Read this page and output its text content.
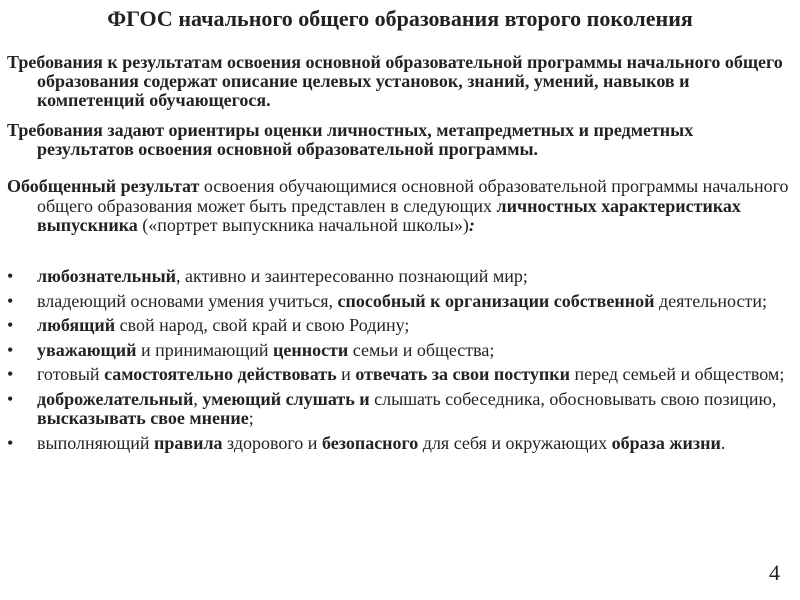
ФГОС начального общего образования второго поколения

Требования к результатам освоения основной образовательной программы начального общего образования содержат описание целевых установок, знаний, умений, навыков и компетенций обучающегося.

Требования задают ориентиры оценки личностных, метапредметных и предметных результатов освоения основной образовательной программы.

Обобщенный результат освоения обучающимися основной образовательной программы начального общего образования может быть представлен в следующих личностных характеристиках выпускника («портрет выпускника начальной школы»):

• любознательный, активно и заинтересованно познающий мир;
• владеющий основами умения учиться, способный к организации собственной деятельности;
• любящий свой народ, свой край и свою Родину;
• уважающий и принимающий ценности семьи и общества;
• готовый самостоятельно действовать и отвечать за свои поступки перед семьей и обществом;
• доброжелательный, умеющий слушать и слышать собеседника, обосновывать свою позицию, высказывать свое мнение;
• выполняющий правила здорового и безопасного для себя и окружающих образа жизни.

4
